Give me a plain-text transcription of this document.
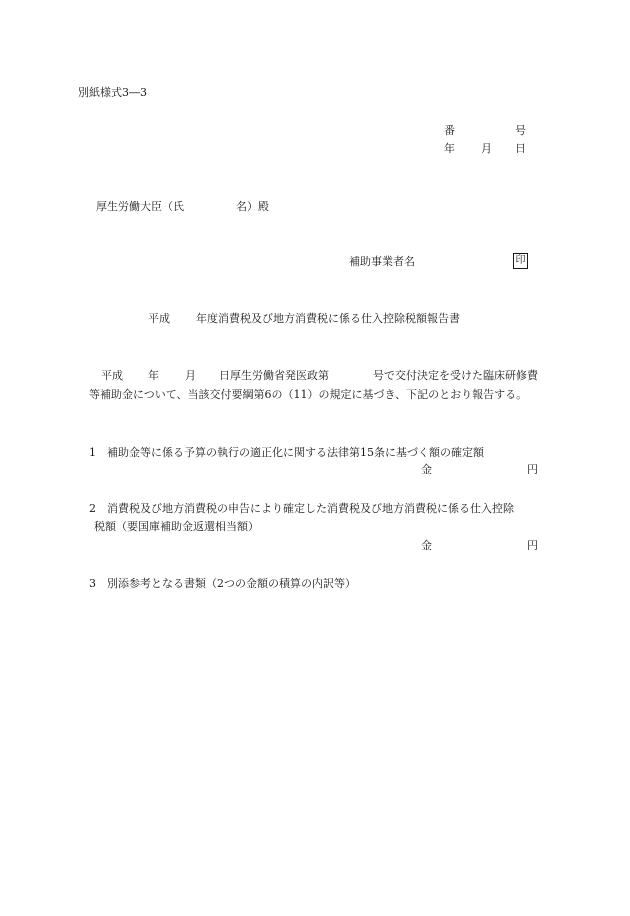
別紙様式3―3
番	号
年 月 日
厚生労働大臣（氏	名）殿
補助事業者名	印
平成 年度消費税及び地方消費税に係る仕入控除税額報告書
平成 年 月 日厚生労働省発医政第	号で交付決定を受けた臨床研修費
等補助金について、当該交付要綱第6の（11）の規定に基づき、下記のとおり報告する。
1 補助金等に係る予算の執行の適正化に関する法律第15条に基づく額の確定額
金	円
2 消費税及び地方消費税の申告により確定した消費税及び地方消費税に係る仕入控除
税額（要国庫補助金返還相当額）
金	円
3 別添参考となる書類（2つの金額の積算の内訳等）
